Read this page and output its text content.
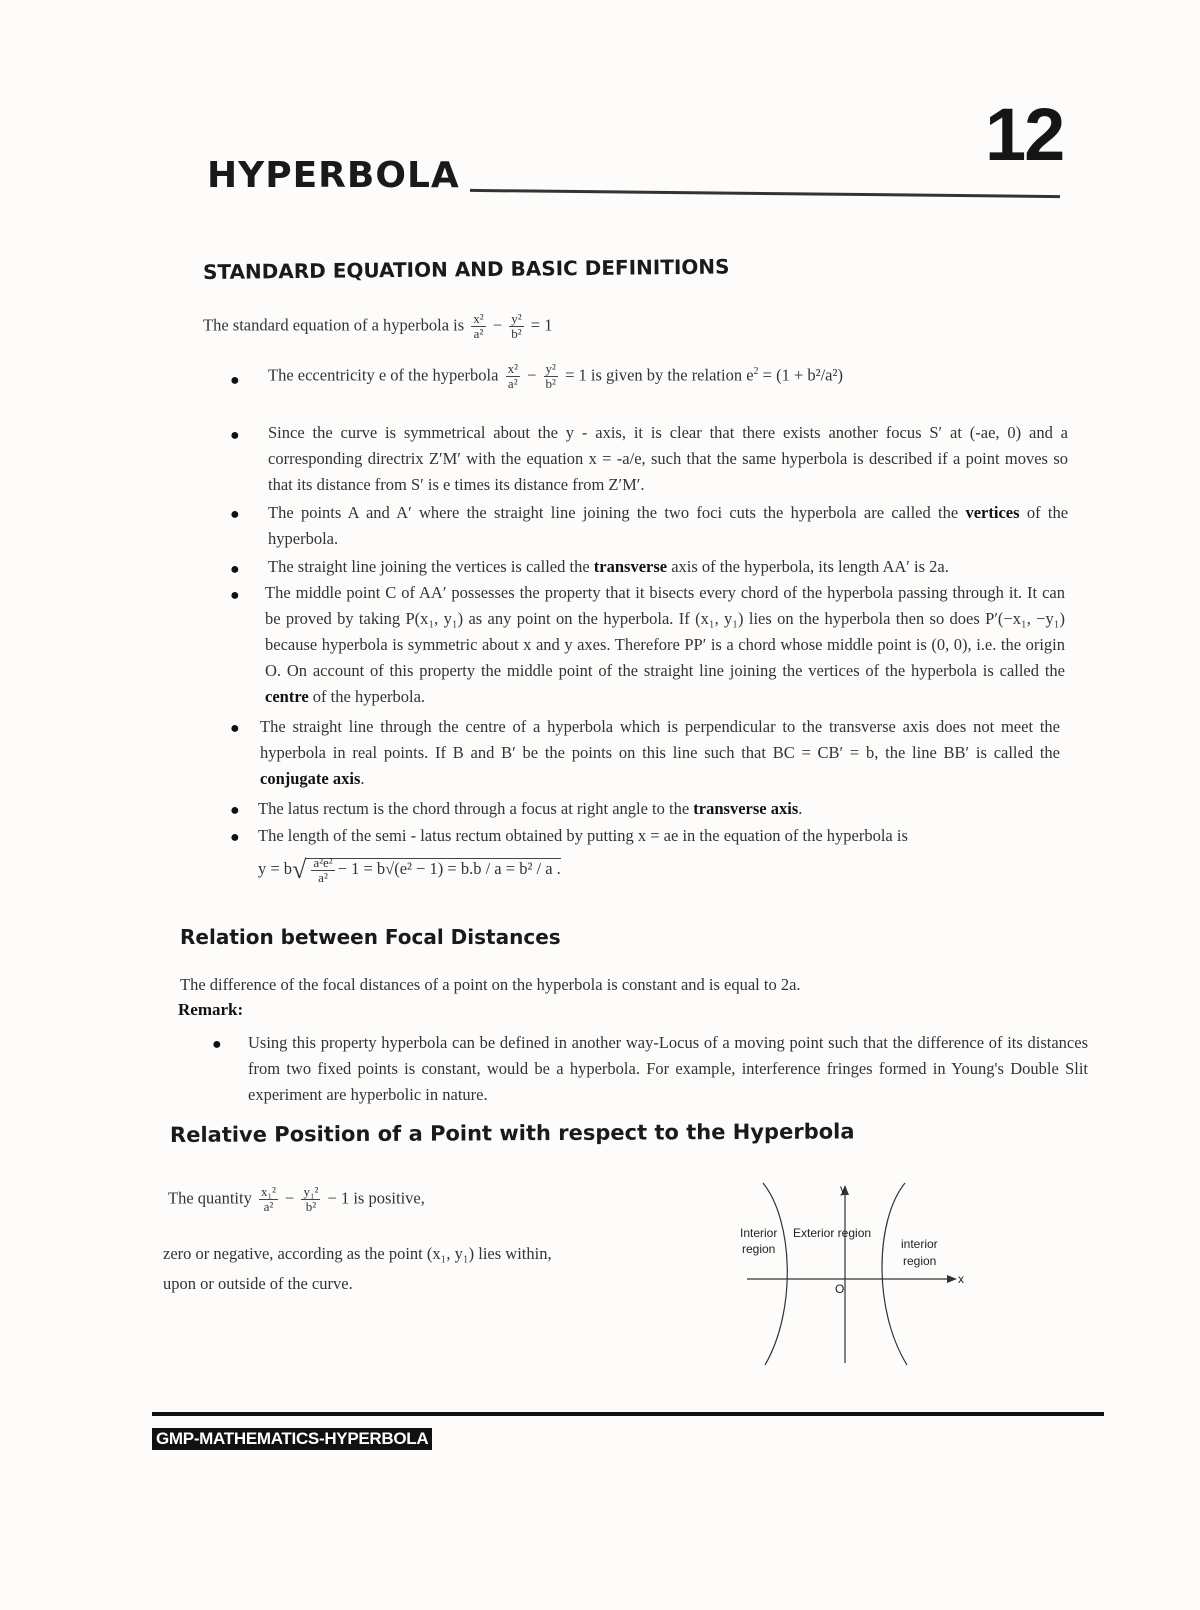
12
HYPERBOLA
STANDARD EQUATION AND BASIC DEFINITIONS
The standard equation of a hyperbola is $\frac{\text{x²}}{\text{a²}} - \frac{\text{y²}}{\text{b²}} = 1$
● The eccentricity e of the hyperbola $\frac{\text{x²}}{\text{a²}} - \frac{\text{y²}}{\text{b²}} = 1$ is given by the relation $e^2 = (1 + b^2/a^2)$
● Since the curve is symmetrical about the y - axis, it is clear that there exists another focus S′ at (-ae, 0) and a corresponding directrix Z′M′ with the equation x = -a/e, such that the same hyperbola is described if a point moves so that its distance from S′ is e times its distance from Z′M′.
● The points A and A′ where the straight line joining the two foci cuts the hyperbola are called the vertices of the hyperbola.
● The straight line joining the vertices is called the transverse axis of the hyperbola, its length AA′ is 2a.
● The middle point C of AA′ possesses the property that it bisects every chord of the hyperbola passing through it. It can be proved by taking P(x₁, y₁) as any point on the hyperbola. If (x₁, y₁) lies on the hyperbola then so does P′(−x₁, −y₁) because hyperbola is symmetric about x and y axes. Therefore PP′ is a chord whose middle point is (0, 0), i.e. the origin O. On account of this property the middle point of the straight line joining the vertices of the hyperbola is called the centre of the hyperbola.
● The straight line through the centre of a hyperbola which is perpendicular to the transverse axis does not meet the hyperbola in real points. If B and B′ be the points on this line such that BC = CB′ = b, the line BB′ is called the conjugate axis.
● The latus rectum is the chord through a focus at right angle to the transverse axis.
● The length of the semi - latus rectum obtained by putting x = ae in the equation of the hyperbola is
$y = b√ \frac{\text{a²e²}}{\text{a²}} - 1 = b√(e^2 - 1) = b.b / a = b^2 / a$ .
Relation between Focal Distances
The difference of the focal distances of a point on the hyperbola is constant and is equal to 2a.
Remark:
● Using this property hyperbola can be defined in another way-Locus of a moving point such that the difference of its distances from two fixed points is constant, would be a hyperbola. For example, interference fringes formed in Young's Double Slit experiment are hyperbolic in nature.
Relative Position of a Point with respect to the Hyperbola
The quantity $\frac{\text{x₁²}}{\text{a²}} - \frac{\text{y₁²}}{\text{b²}} - 1$ is positive,
zero or negative, according as the point (x₁, y₁) lies within,
upon or outside of the curve.
y
x
O
Interior
region
Exterior region
interior
region
GMP-MATHEMATICS-HYPERBOLA
